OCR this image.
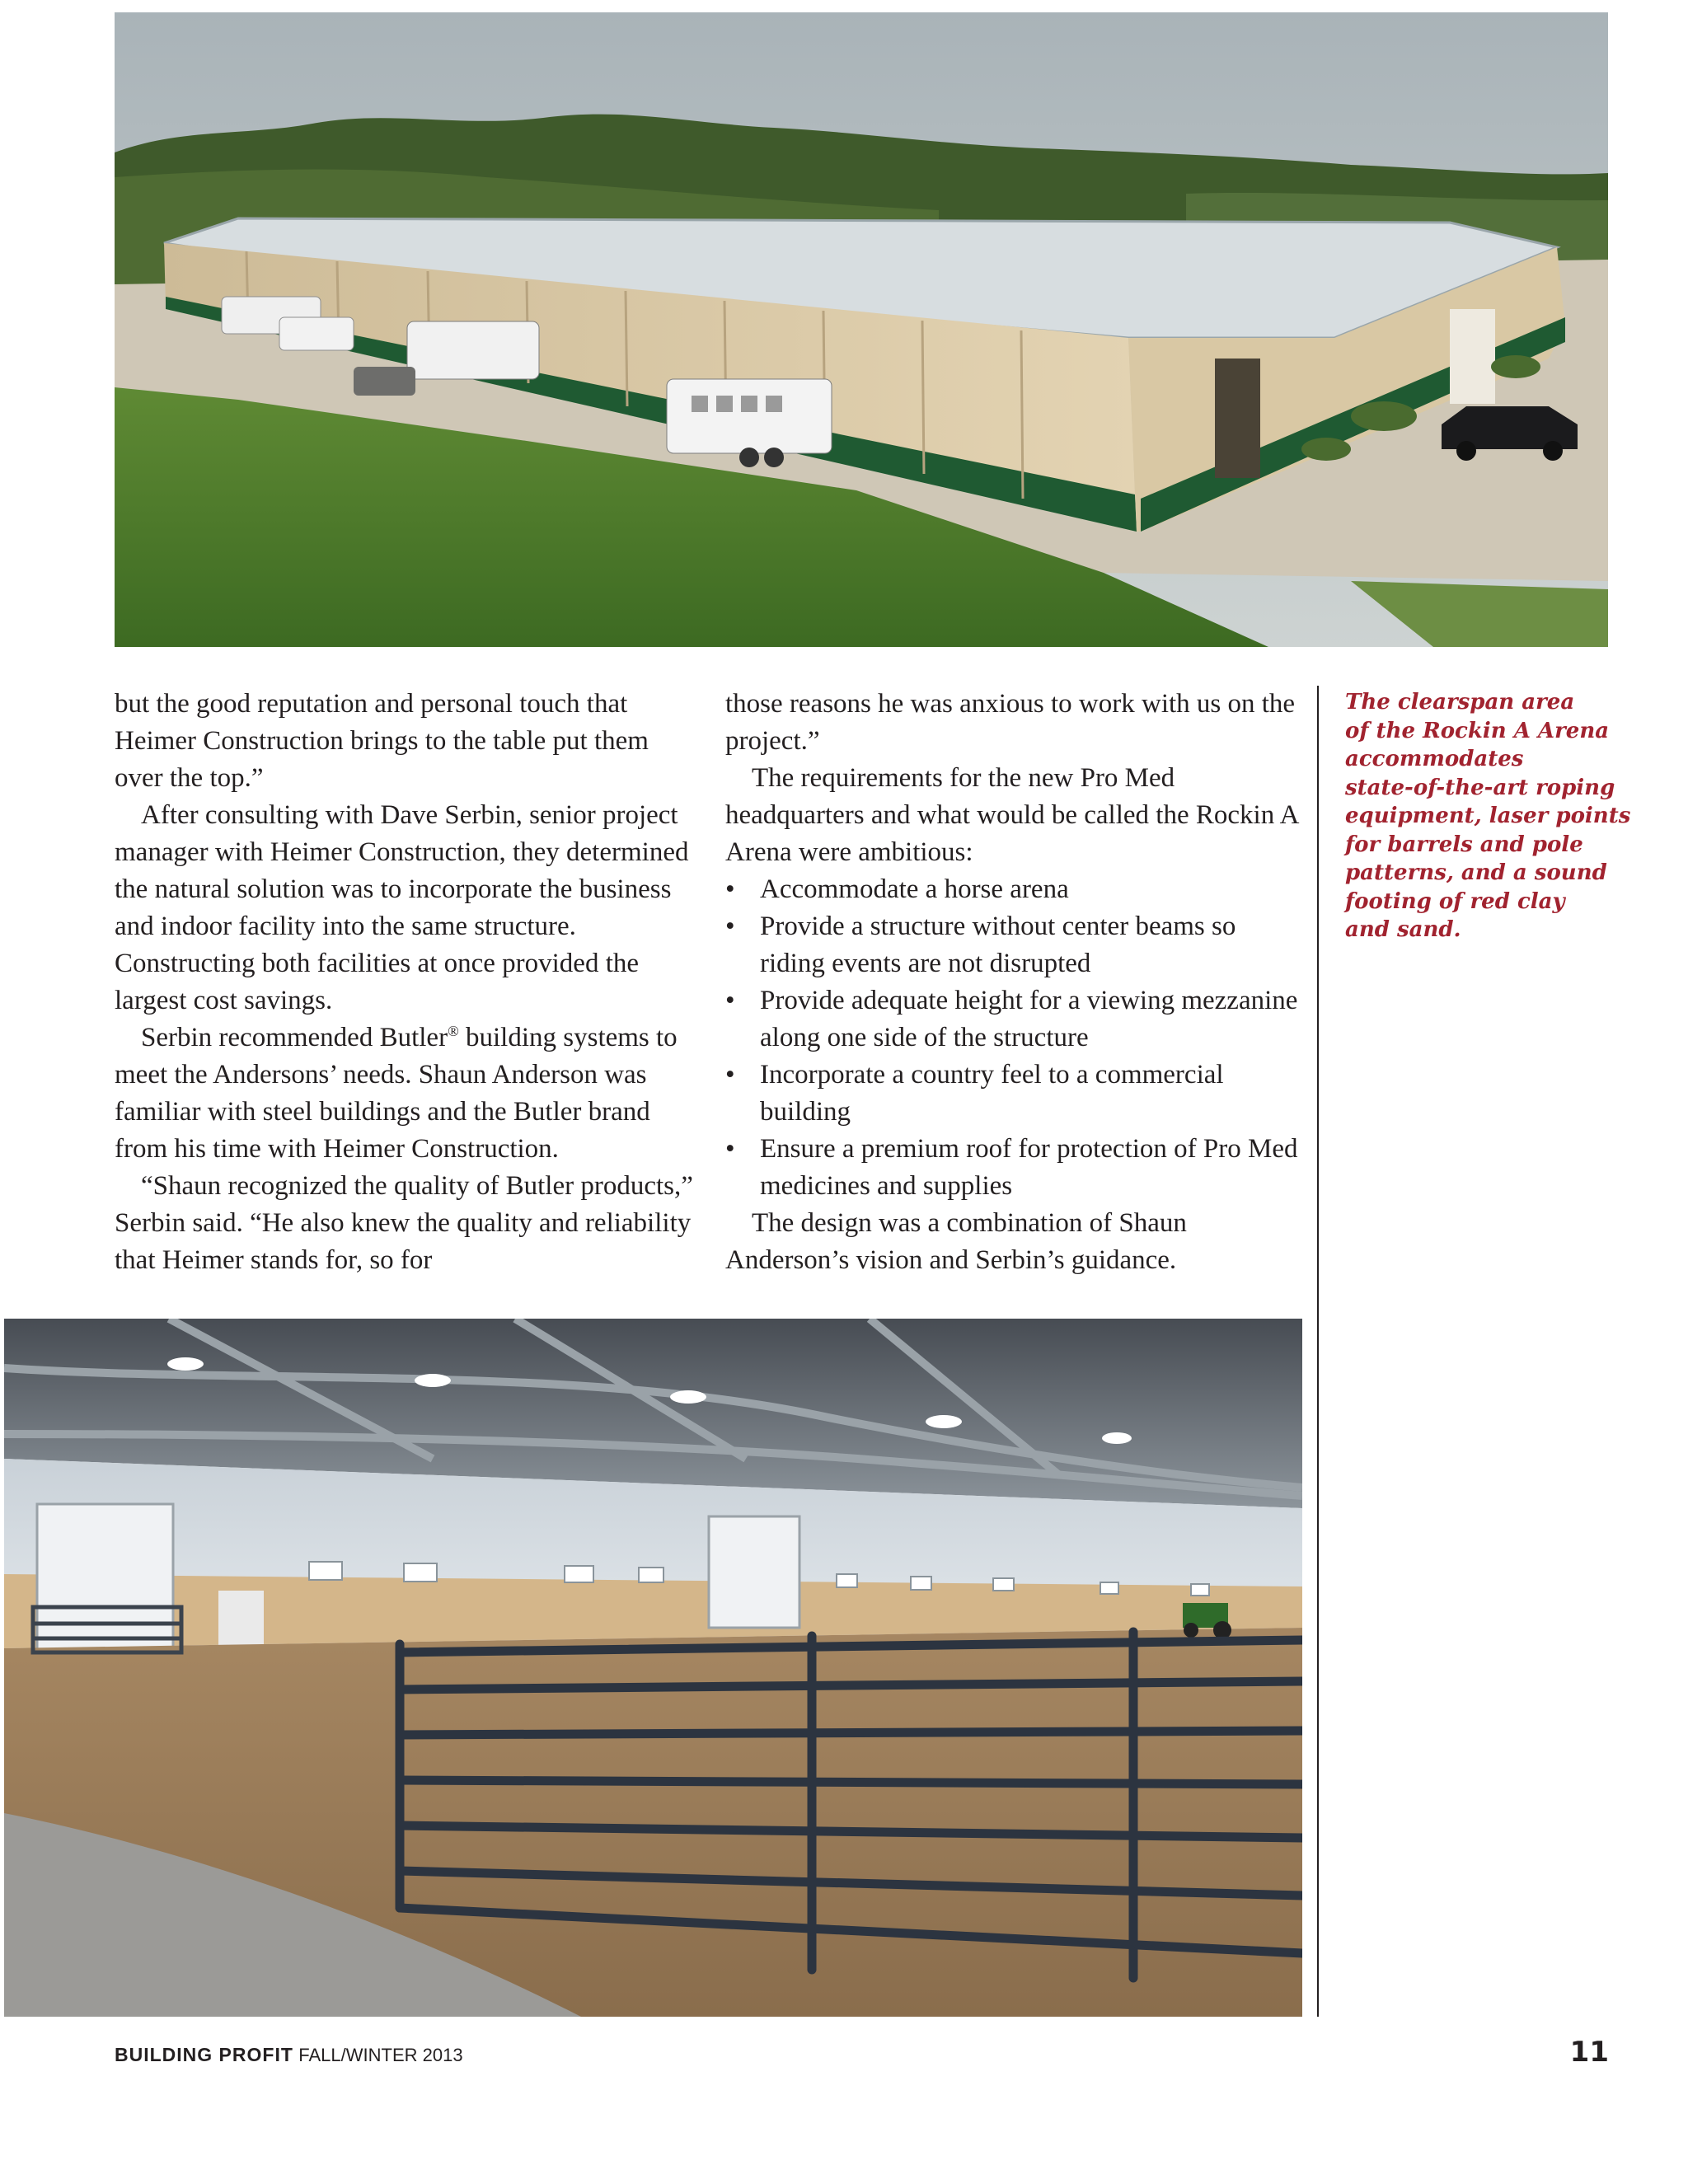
but the good reputation and personal touch that Heimer Construction brings to the table put them over the top.”

After consulting with Dave Serbin, senior project manager with Heimer Construction, they determined the natural solution was to incorporate the business and indoor facility into the same structure. Constructing both facilities at once provided the largest cost savings.

Serbin recommended Butler® building systems to meet the Andersons’ needs. Shaun Anderson was familiar with steel buildings and the Butler brand from his time with Heimer Construction.

“Shaun recognized the quality of Butler products,” Serbin said. “He also knew the quality and reliability that Heimer stands for, so for

those reasons he was anxious to work with us on the project.”

The requirements for the new Pro Med headquarters and what would be called the Rockin A Arena were ambitious:

• Accommodate a horse arena
• Provide a structure without center beams so riding events are not disrupted
• Provide adequate height for a viewing mezzanine along one side of the structure
• Incorporate a country feel to a commercial building
• Ensure a premium roof for protection of Pro Med medicines and supplies

The design was a combination of Shaun Anderson’s vision and Serbin’s guidance.

The clearspan area
of the Rockin A Arena
accommodates
state-of-the-art roping
equipment, laser points
for barrels and pole
patterns, and a sound
footing of red clay
and sand.
BUILDING PROFIT FALL/WINTER 2013	11
